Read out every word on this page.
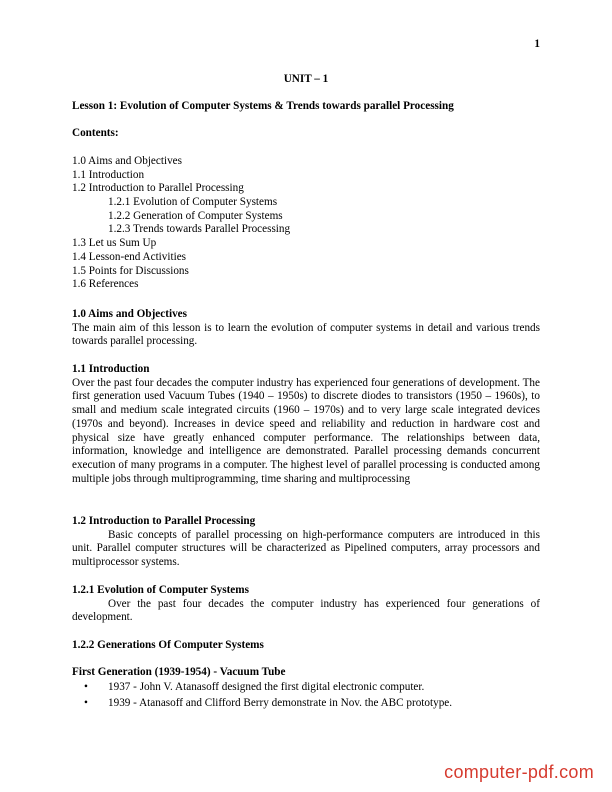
1
UNIT – 1
Lesson 1: Evolution of Computer Systems & Trends towards parallel Processing
Contents:
1.0 Aims and Objectives
1.1 Introduction
1.2 Introduction to Parallel Processing
1.2.1 Evolution of Computer Systems
1.2.2 Generation of Computer Systems
1.2.3 Trends towards Parallel Processing
1.3 Let us Sum Up
1.4 Lesson-end Activities
1.5 Points for Discussions
1.6 References
1.0 Aims and Objectives

The main aim of this lesson is to learn the evolution of computer systems in detail and various trends towards parallel processing.

1.1 Introduction

Over the past four decades the computer industry has experienced four generations of development. The first generation used Vacuum Tubes (1940 – 1950s) to discrete diodes to transistors (1950 – 1960s), to small and medium scale integrated circuits (1960 – 1970s) and to very large scale integrated devices (1970s and beyond). Increases in device speed and reliability and reduction in hardware cost and physical size have greatly enhanced computer performance. The relationships between data, information, knowledge and intelligence are demonstrated. Parallel processing demands concurrent execution of many programs in a computer. The highest level of parallel processing is conducted among multiple jobs through multiprogramming, time sharing and multiprocessing

1.2 Introduction to Parallel Processing

Basic concepts of parallel processing on high-performance computers are introduced in this unit. Parallel computer structures will be characterized as Pipelined computers, array processors and multiprocessor systems.

1.2.1 Evolution of Computer Systems

Over the past four decades the computer industry has experienced four generations of development.

1.2.2 Generations Of Computer Systems
First Generation (1939-1954) - Vacuum Tube
• 1937 - John V. Atanasoff designed the first digital electronic computer.
• 1939 - Atanasoff and Clifford Berry demonstrate in Nov. the ABC prototype.
computer-pdf.com
